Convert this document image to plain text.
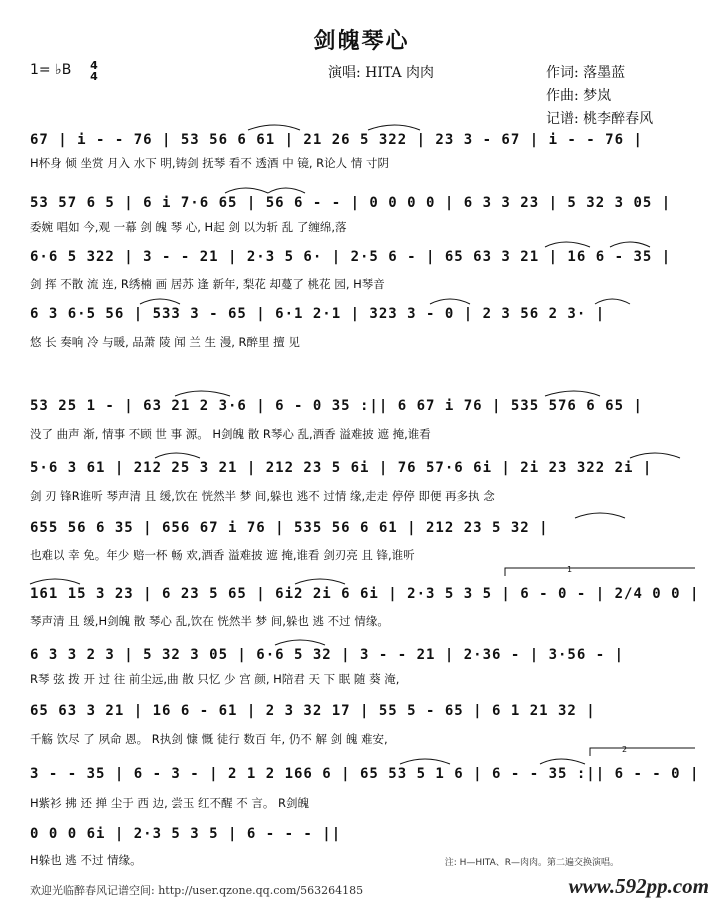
剑魄琴心
1= ♭B 4
4	演唱: HITA 肉肉	作词: 落墨蓝
作曲: 梦岚
记谱: 桃李醉春风
67 | i - - 76 | 53 56 6 61 | 21 26 5 322 | 23 3 - 67 | i - - 76 |
H杯身 倾 坐赏 月入 水下 明,铸剑 抚琴 看不 透酒 中 镜, R论人 情 寸阴
53 57 6 5 | 6 i 7·6 65 | 56 6 - - | 0 0 0 0 | 6 3 3 23 | 5 32 3 05 |
委婉 唱如 今,观 一幕 剑 魄 琴 心, H起 剑 以为斩 乱 了缠绵,落
6·6 5 322 | 3 - - 21 | 2·3 5 6· | 2·5 6 - | 65 63 3 21 | 16 6 - 35 |
剑 挥 不散 流 连, R绣楠 画 居苏 逢 新年, 梨花 却蔓了 桃花 园, H琴音
6 3 6·5 56 | 533 3 - 65 | 6·1 2·1 | 323 3 - 0 | 2 3 56 2 3· |
悠 长 奏响 冷 与暖, 品萧 陵 闻 兰 生 漫, R醉里 擅 见
53 25 1 - | 63 21 2 3·6 | 6 - 0 35 :|| 6 67 i 76 | 535 576 6 65 |
没了 曲声 渐, 情事 不顾 世 事 源。 H剑魄 散 R琴心 乱,酒香 溢难披 遮 掩,谁看
5·6 3 61 | 212 25 3 21 | 212 23 5 6i | 76 57·6 6i | 2i 23 322 2i |
剑 刃 锋R谁听 琴声清 且 缓,饮在 恍然半 梦 间,躲也 逃不 过情 缘,走走 停停 即便 再多执 念
655 56 6 35 | 656 67 i 76 | 535 56 6 61 | 212 23 5 32 |
也难以 幸 免。年少 赔一杯 畅 欢,酒香 溢难披 遮 掩,谁看 剑刃亮 且 锋,谁听
161 15 3 23 | 6 23 5 65 | 6i2 2i 6 6i | 2·3 5 3 5 | 6 - 0 - | 2/4 0 0 |
琴声清 且 缓,H剑魄 散 琴心 乱,饮在 恍然半 梦 间,躲也 逃 不过 情缘。
6 3 3 2 3 | 5 32 3 05 | 6·6 5 32 | 3 - - 21 | 2·36 - | 3·56 - |
R琴 弦 拨 开 过 往 前尘远,曲 散 只忆 少 宫 颜, H陪君 天 下 眠 随 葵 淹,
65 63 3 21 | 16 6 - 61 | 2 3 32 17 | 55 5 - 65 | 6 1 21 32 |
千觞 饮尽 了 夙命 恩。 R执剑 慷 慨 徒行 数百 年, 仍不 解 剑 魄 难安,
3 - - 35 | 6 - 3 - | 2 1 2 166 6 | 65 53 5 1 6 | 6 - - 35 :|| 6 - - 0 |
H紫衫 拂 还 掸 尘于 西 边, 尝玉 红不醒 不 言。 R剑魄
0 0 0 6i | 2·3 5 3 5 | 6 - - - ||
H躲也 逃 不过 情缘。	注: H—HITA、R—肉肉。第二遍交换演唱。
欢迎光临醉春风记谱空间: http://user.qzone.qq.com/563264185	www.592pp.com
1
2
